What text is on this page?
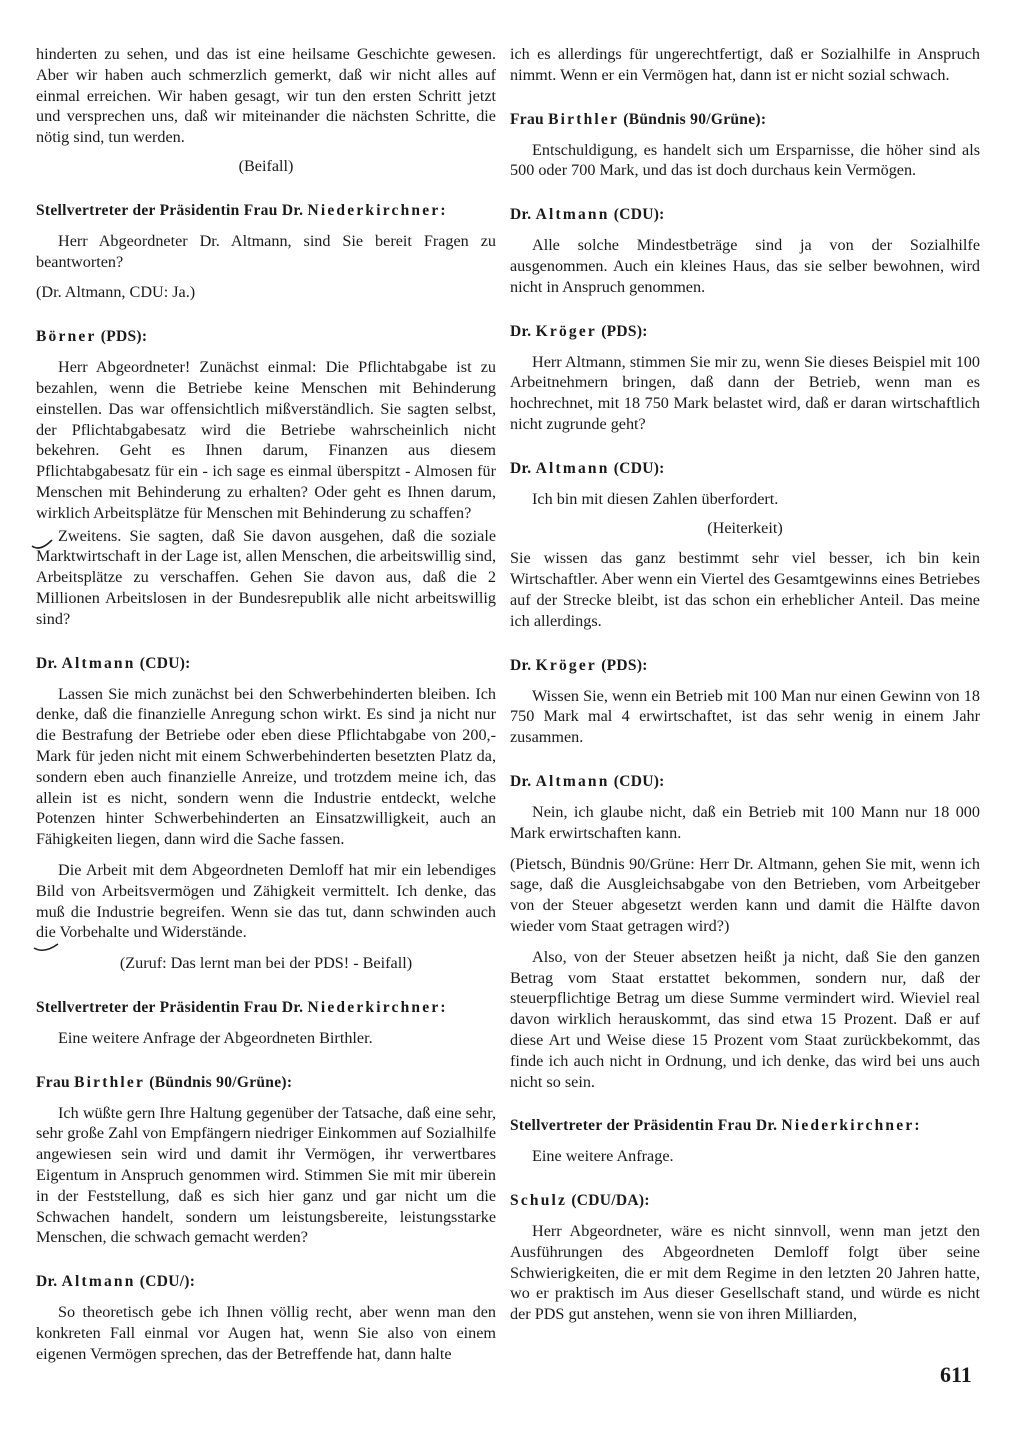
hinderten zu sehen, und das ist eine heilsame Geschichte gewesen. Aber wir haben auch schmerzlich gemerkt, daß wir nicht alles auf einmal erreichen. Wir haben gesagt, wir tun den ersten Schritt jetzt und versprechen uns, daß wir miteinander die nächsten Schritte, die nötig sind, tun werden.
(Beifall)
Stellvertreter der Präsidentin Frau Dr. Niederkirchner:
Herr Abgeordneter Dr. Altmann, sind Sie bereit Fragen zu beantworten?
(Dr. Altmann, CDU: Ja.)
Börner (PDS):
Herr Abgeordneter! Zunächst einmal: Die Pflichtabgabe ist zu bezahlen, wenn die Betriebe keine Menschen mit Behinderung einstellen. Das war offensichtlich mißverständlich. Sie sagten selbst, der Pflichtabgabesatz wird die Betriebe wahrscheinlich nicht bekehren. Geht es Ihnen darum, Finanzen aus diesem Pflichtabgabesatz für ein - ich sage es einmal überspitzt - Almosen für Menschen mit Behinderung zu erhalten? Oder geht es Ihnen darum, wirklich Arbeitsplätze für Menschen mit Behinderung zu schaffen?
Zweitens. Sie sagten, daß Sie davon ausgehen, daß die soziale Marktwirtschaft in der Lage ist, allen Menschen, die arbeitswillig sind, Arbeitsplätze zu verschaffen. Gehen Sie davon aus, daß die 2 Millionen Arbeitslosen in der Bundesrepublik alle nicht arbeitswillig sind?
Dr. Altmann (CDU):
Lassen Sie mich zunächst bei den Schwerbehinderten bleiben. Ich denke, daß die finanzielle Anregung schon wirkt. Es sind ja nicht nur die Bestrafung der Betriebe oder eben diese Pflichtabgabe von 200,- Mark für jeden nicht mit einem Schwerbehinderten besetzten Platz da, sondern eben auch finanzielle Anreize, und trotzdem meine ich, das allein ist es nicht, sondern wenn die Industrie entdeckt, welche Potenzen hinter Schwerbehinderten an Einsatzwilligkeit, auch an Fähigkeiten liegen, dann wird die Sache fassen.
Die Arbeit mit dem Abgeordneten Demloff hat mir ein lebendiges Bild von Arbeitsvermögen und Zähigkeit vermittelt. Ich denke, das muß die Industrie begreifen. Wenn sie das tut, dann schwinden auch die Vorbehalte und Widerstände.
(Zuruf: Das lernt man bei der PDS! - Beifall)
Stellvertreter der Präsidentin Frau Dr. Niederkirchner:
Eine weitere Anfrage der Abgeordneten Birthler.
Frau Birthler (Bündnis 90/Grüne):
Ich wüßte gern Ihre Haltung gegenüber der Tatsache, daß eine sehr, sehr große Zahl von Empfängern niedriger Einkommen auf Sozialhilfe angewiesen sein wird und damit ihr Vermögen, ihr verwertbares Eigentum in Anspruch genommen wird. Stimmen Sie mit mir überein in der Feststellung, daß es sich hier ganz und gar nicht um die Schwachen handelt, sondern um leistungsbereite, leistungsstarke Menschen, die schwach gemacht werden?
Dr. Altmann (CDU/):
So theoretisch gebe ich Ihnen völlig recht, aber wenn man den konkreten Fall einmal vor Augen hat, wenn Sie also von einem eigenen Vermögen sprechen, das der Betreffende hat, dann halte
ich es allerdings für ungerechtfertigt, daß er Sozialhilfe in Anspruch nimmt. Wenn er ein Vermögen hat, dann ist er nicht sozial schwach.
Frau Birthler (Bündnis 90/Grüne):
Entschuldigung, es handelt sich um Ersparnisse, die höher sind als 500 oder 700 Mark, und das ist doch durchaus kein Vermögen.
Dr. Altmann (CDU):
Alle solche Mindestbeträge sind ja von der Sozialhilfe ausgenommen. Auch ein kleines Haus, das sie selber bewohnen, wird nicht in Anspruch genommen.
Dr. Kröger (PDS):
Herr Altmann, stimmen Sie mir zu, wenn Sie dieses Beispiel mit 100 Arbeitnehmern bringen, daß dann der Betrieb, wenn man es hochrechnet, mit 18 750 Mark belastet wird, daß er daran wirtschaftlich nicht zugrunde geht?
Dr. Altmann (CDU):
Ich bin mit diesen Zahlen überfordert.
(Heiterkeit)
Sie wissen das ganz bestimmt sehr viel besser, ich bin kein Wirtschaftler. Aber wenn ein Viertel des Gesamtgewinns eines Betriebes auf der Strecke bleibt, ist das schon ein erheblicher Anteil. Das meine ich allerdings.
Dr. Kröger (PDS):
Wissen Sie, wenn ein Betrieb mit 100 Man nur einen Gewinn von 18 750 Mark mal 4 erwirtschaftet, ist das sehr wenig in einem Jahr zusammen.
Dr. Altmann (CDU):
Nein, ich glaube nicht, daß ein Betrieb mit 100 Mann nur 18 000 Mark erwirtschaften kann.
(Pietsch, Bündnis 90/Grüne: Herr Dr. Altmann, gehen Sie mit, wenn ich sage, daß die Ausgleichsabgabe von den Betrieben, vom Arbeitgeber von der Steuer abgesetzt werden kann und damit die Hälfte davon wieder vom Staat getragen wird?)
Also, von der Steuer absetzen heißt ja nicht, daß Sie den ganzen Betrag vom Staat erstattet bekommen, sondern nur, daß der steuerpflichtige Betrag um diese Summe vermindert wird. Wieviel real davon wirklich herauskommt, das sind etwa 15 Prozent. Daß er auf diese Art und Weise diese 15 Prozent vom Staat zurückbekommt, das finde ich auch nicht in Ordnung, und ich denke, das wird bei uns auch nicht so sein.
Stellvertreter der Präsidentin Frau Dr. Niederkirchner:
Eine weitere Anfrage.
Schulz (CDU/DA):
Herr Abgeordneter, wäre es nicht sinnvoll, wenn man jetzt den Ausführungen des Abgeordneten Demloff folgt über seine Schwierigkeiten, die er mit dem Regime in den letzten 20 Jahren hatte, wo er praktisch im Aus dieser Gesellschaft stand, und würde es nicht der PDS gut anstehen, wenn sie von ihren Milliarden,
611
